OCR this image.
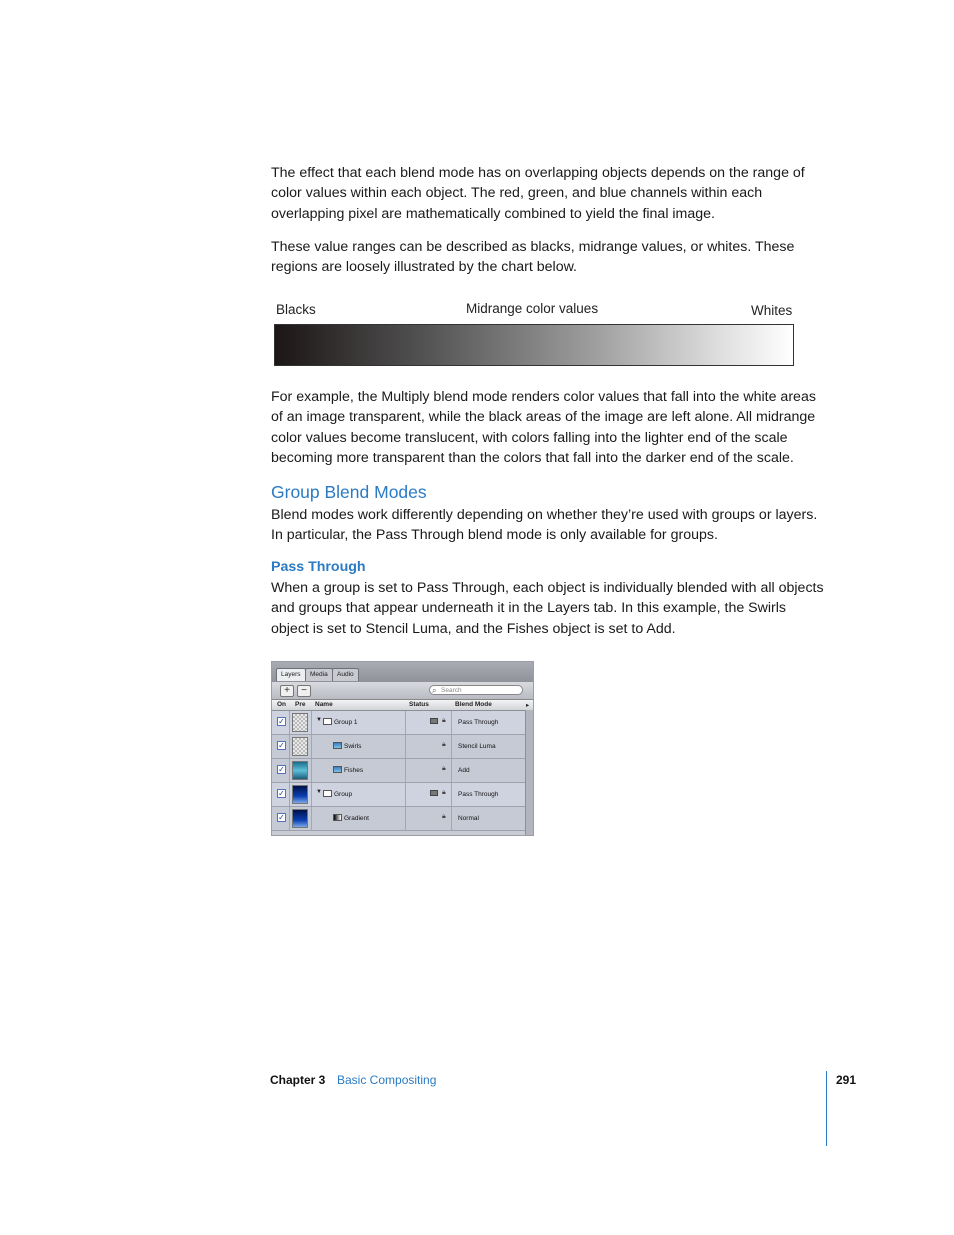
The effect that each blend mode has on overlapping objects depends on the range of color values within each object. The red, green, and blue channels within each overlapping pixel are mathematically combined to yield the final image.

These value ranges can be described as blacks, midrange values, or whites. These regions are loosely illustrated by the chart below.

Blacks	Midrange color values	Whites

For example, the Multiply blend mode renders color values that fall into the white areas of an image transparent, while the black areas of the image are left alone. All midrange color values become translucent, with colors falling into the lighter end of the scale becoming more transparent than the colors that fall into the darker end of the scale.

Group Blend Modes

Blend modes work differently depending on whether they’re used with groups or layers. In particular, the Pass Through blend mode is only available for groups.

Pass Through

When a group is set to Pass Through, each object is individually blended with all objects and groups that appear underneath it in the Layers tab. In this example, the Swirls object is set to Stencil Luma, and the Fishes object is set to Add.

Layers	Media	Audio
+	−	⌕ Search
On Pre Name	Status	Blend Mode	▸
✓	▼ Group 1	🔒︎ Pass Through
✓	Swirls	🔒︎ Stencil Luma
✓	Fishes	🔒︎ Add
✓	▼ Group	🔒︎ Pass Through
✓	Gradient	🔒︎ Normal
Chapter 3 Basic Compositing	291
